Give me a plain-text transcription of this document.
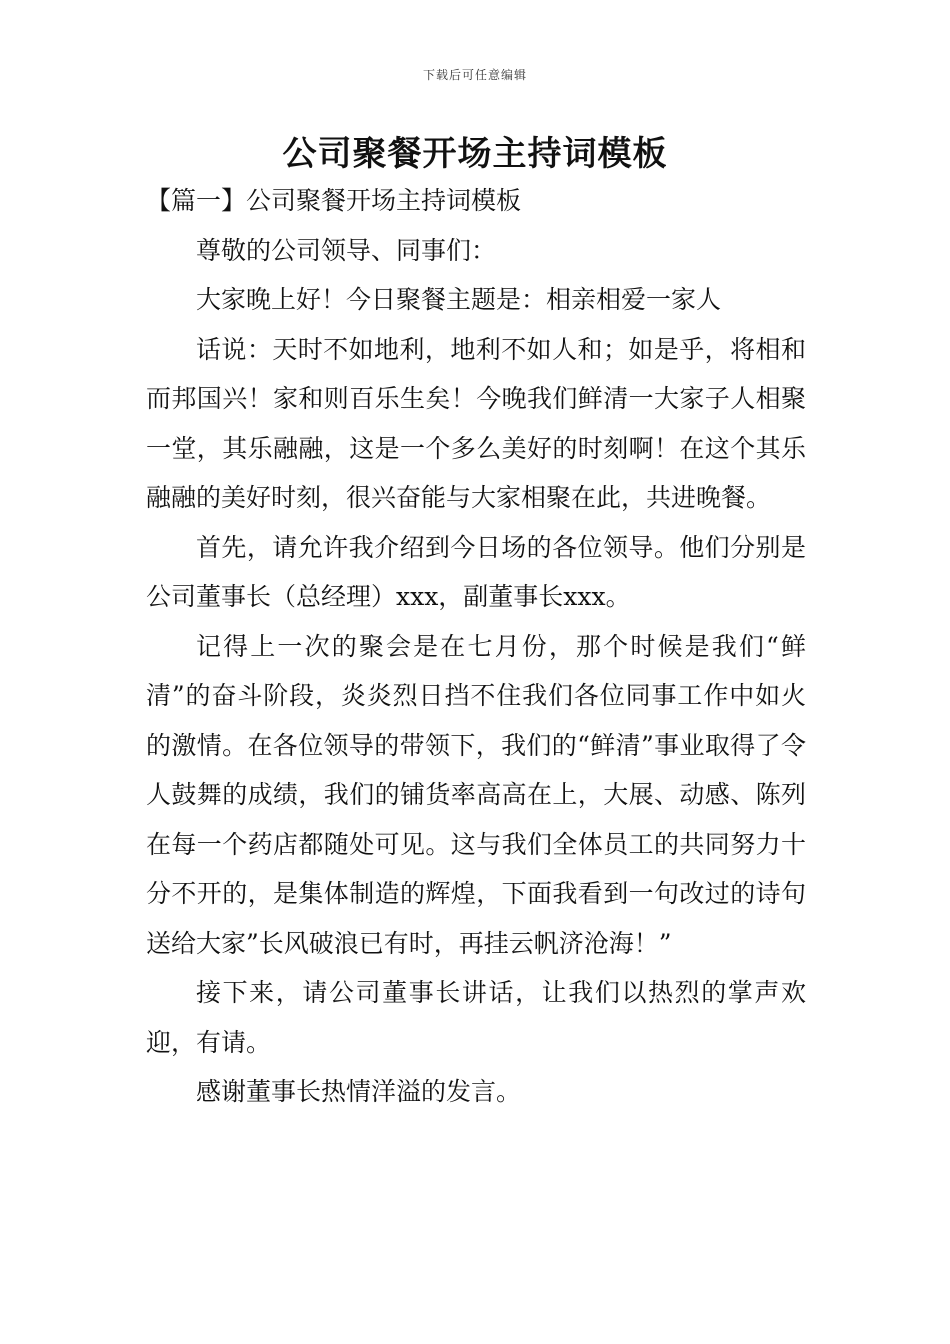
下载后可任意编辑
公司聚餐开场主持词模板
【篇一】公司聚餐开场主持词模板

尊敬的公司领导、同事们：

大家晚上好！今日聚餐主题是：相亲相爱一家人

话说：天时不如地利，地利不如人和；如是乎，将相和而邦国兴！家和则百乐生矣！今晚我们鲜清一大家子人相聚一堂，其乐融融，这是一个多么美好的时刻啊！在这个其乐融融的美好时刻，很兴奋能与大家相聚在此，共进晚餐。

首先，请允许我介绍到今日场的各位领导。他们分别是公司董事长（总经理）xxx，副董事长xxx。

记得上一次的聚会是在七月份，那个时候是我们“鲜清”的奋斗阶段，炎炎烈日挡不住我们各位同事工作中如火的激情。在各位领导的带领下，我们的“鲜清”事业取得了令人鼓舞的成绩，我们的铺货率高高在上，大展、动感、陈列在每一个药店都随处可见。这与我们全体员工的共同努力十分不开的，是集体制造的辉煌，下面我看到一句改过的诗句送给大家”长风破浪已有时，再挂云帆济沧海！”

接下来，请公司董事长讲话，让我们以热烈的掌声欢迎，有请。

感谢董事长热情洋溢的发言。
